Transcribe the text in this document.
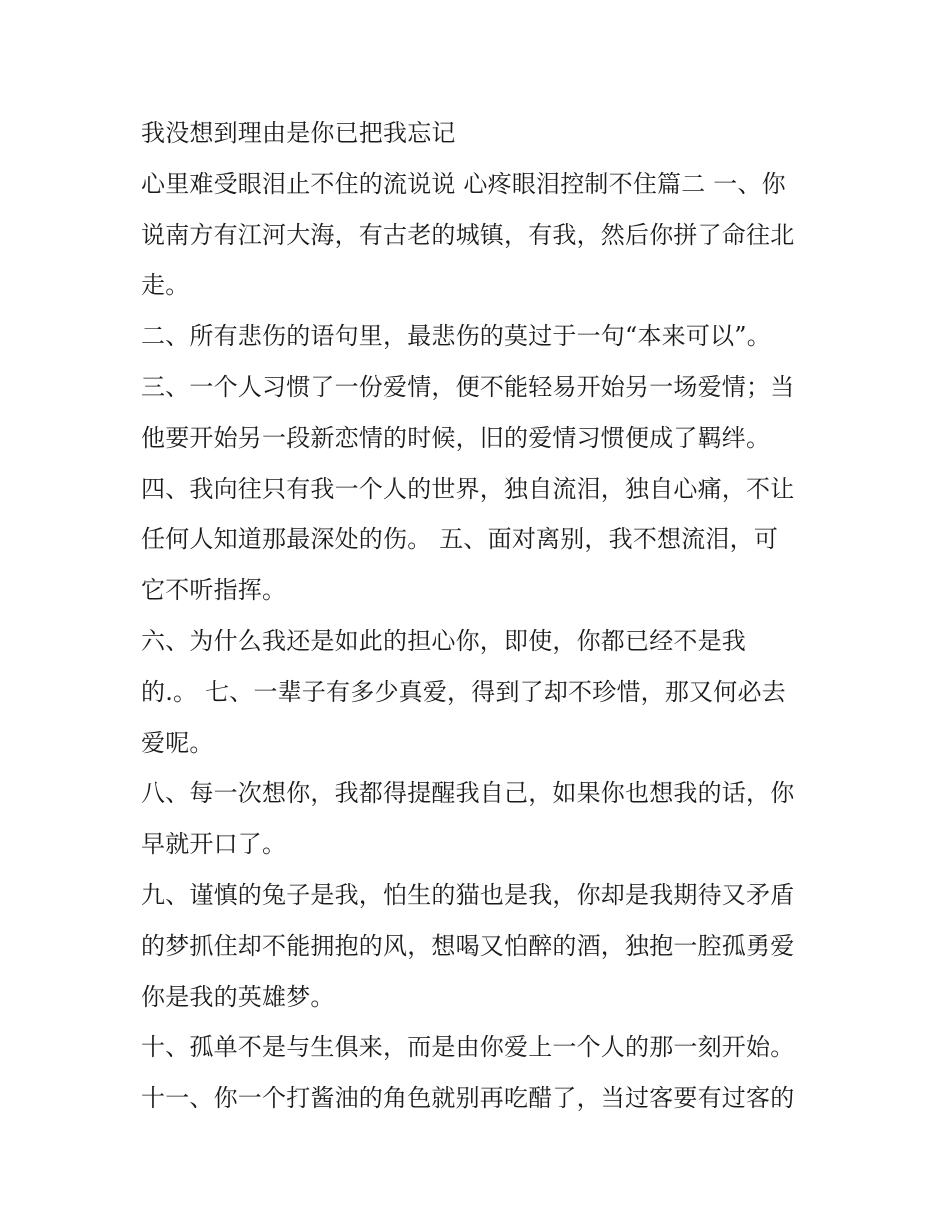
我没想到理由是你已把我忘记
心里难受眼泪止不住的流说说 心疼眼泪控制不住篇二 一、你
说南方有江河大海，有古老的城镇，有我，然后你拼了命往北
走。
二、所有悲伤的语句里，最悲伤的莫过于一句“本来可以”。
三、一个人习惯了一份爱情，便不能轻易开始另一场爱情；当
他要开始另一段新恋情的时候，旧的爱情习惯便成了羁绊。
四、我向往只有我一个人的世界，独自流泪，独自心痛，不让
任何人知道那最深处的伤。 五、面对离别，我不想流泪，可
它不听指挥。
六、为什么我还是如此的担心你，即使，你都已经不是我
的.。 七、一辈子有多少真爱，得到了却不珍惜，那又何必去
爱呢。
八、每一次想你，我都得提醒我自己，如果你也想我的话，你
早就开口了。
九、谨慎的兔子是我，怕生的猫也是我，你却是我期待又矛盾
的梦抓住却不能拥抱的风，想喝又怕醉的酒，独抱一腔孤勇爱
你是我的英雄梦。
十、孤单不是与生俱来，而是由你爱上一个人的那一刻开始。
十一、你一个打酱油的角色就别再吃醋了，当过客要有过客的
